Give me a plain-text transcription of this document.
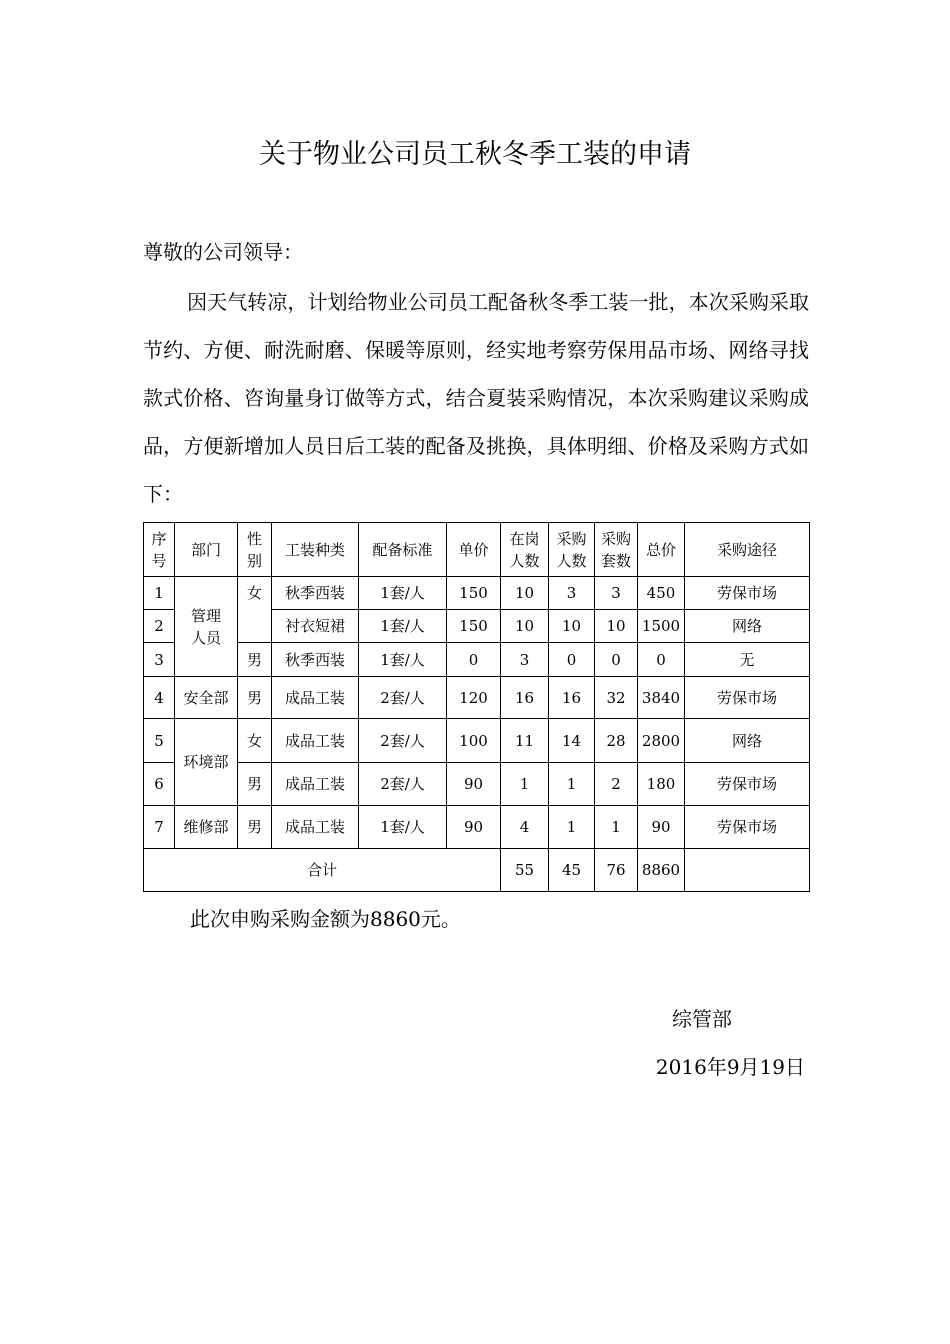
关于物业公司员工秋冬季工装的申请
尊敬的公司领导：
因天气转凉，计划给物业公司员工配备秋冬季工装一批，本次采购采取节约、方便、耐洗耐磨、保暖等原则，经实地考察劳保用品市场、网络寻找款式价格、咨询量身订做等方式，结合夏装采购情况，本次采购建议采购成品，方便新增加人员日后工装的配备及挑换，具体明细、价格及采购方式如下：
序号	部门	性别	工装种类	配备标准	单价	在岗人数	采购人数	采购套数	总价	采购途径
1	管理人员	女	秋季西装	1套/人	150	10	3	3	450	劳保市场
2			衬衣短裙	1套/人	150	10	10	10	1500	网络
3		男	秋季西装	1套/人	0	3	0	0	0	无
4	安全部	男	成品工装	2套/人	120	16	16	32	3840	劳保市场
5	环境部	女	成品工装	2套/人	100	11	14	28	2800	网络
6		男	成品工装	2套/人	90	1	1	2	180	劳保市场
7	维修部	男	成品工装	1套/人	90	4	1	1	90	劳保市场
合计						55	45	76	8860	
此次申购采购金额为8860元。
综管部
2016年9月19日
